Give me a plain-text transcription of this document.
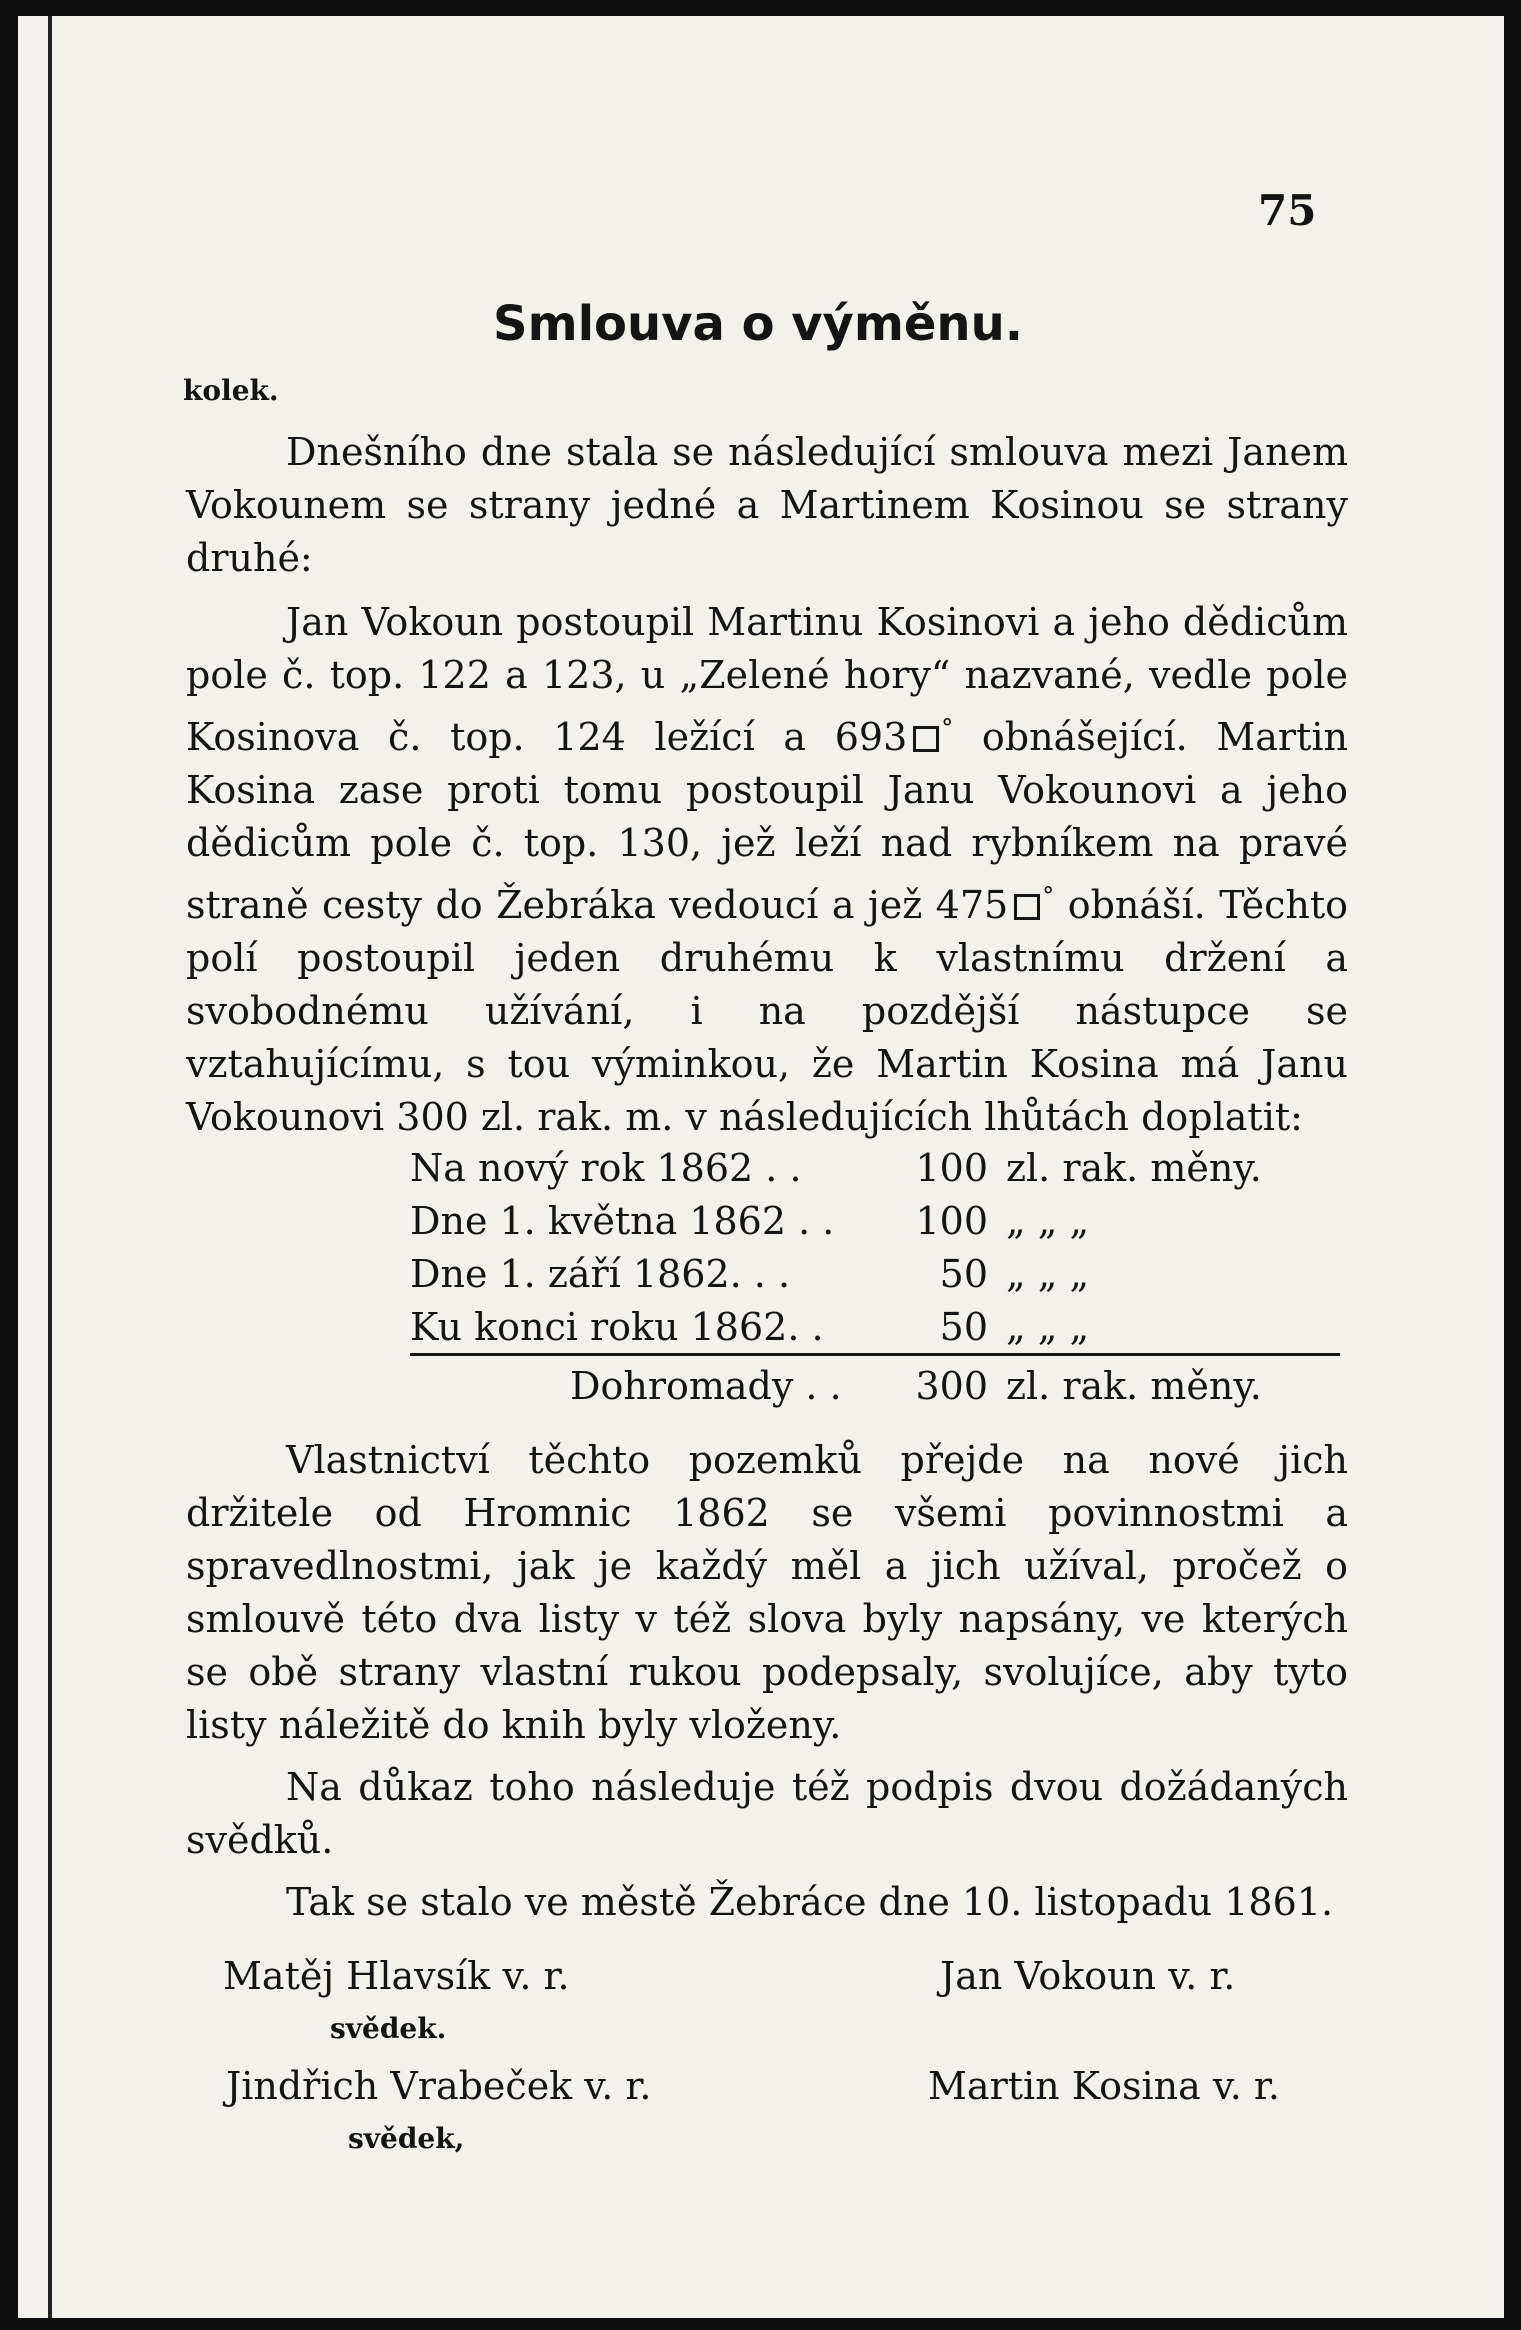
75
Smlouva o výměnu.
kolek.

Dnešního dne stala se následující smlouva mezi Janem Vokounem se strany jedné a Martinem Kosinou se strany druhé:

Jan Vokoun postoupil Martinu Kosinovi a jeho dědicům pole č. top. 122 a 123, u „Zelené hory“ nazvané, vedle pole Kosinova č. top. 124 ležící a 693 ° obnášející. Martin Kosina zase proti tomu postoupil Janu Vokounovi a jeho dědicům pole č. top. 130, jež leží nad rybníkem na pravé straně cesty do Žebráka vedoucí a jež 475 ° obnáší. Těchto polí postoupil jeden druhému k vlastnímu držení a svobodnému užívání, i na pozdější nástupce se vztahujícímu, s tou výminkou, že Martin Kosina má Janu Vokounovi 300 zl. rak. m. v následujících lhůtách doplatit:

Na nový rok 1862 . .	100 zl. rak. měny.
Dne 1. května 1862 . .	100 „ „ „
Dne 1. září 1862. . .	50 „ „ „
Ku konci roku 1862. .	50 „ „ „
Dohromady . .	300 zl. rak. měny.

Vlastnictví těchto pozemků přejde na nové jich držitele od Hromnic 1862 se všemi povinnostmi a spravedlnostmi, jak je každý měl a jich užíval, pročež o smlouvě této dva listy v též slova byly napsány, ve kterých se obě strany vlastní rukou podepsaly, svolujíce, aby tyto listy náležitě do knih byly vloženy.

Na důkaz toho následuje též podpis dvou dožádaných svědků.

Tak se stalo ve městě Žebráce dne 10. listopadu 1861.
Matěj Hlavsík v. r.
svědek.
Jan Vokoun v. r.
Jindřich Vrabeček v. r.
svědek,
Martin Kosina v. r.
